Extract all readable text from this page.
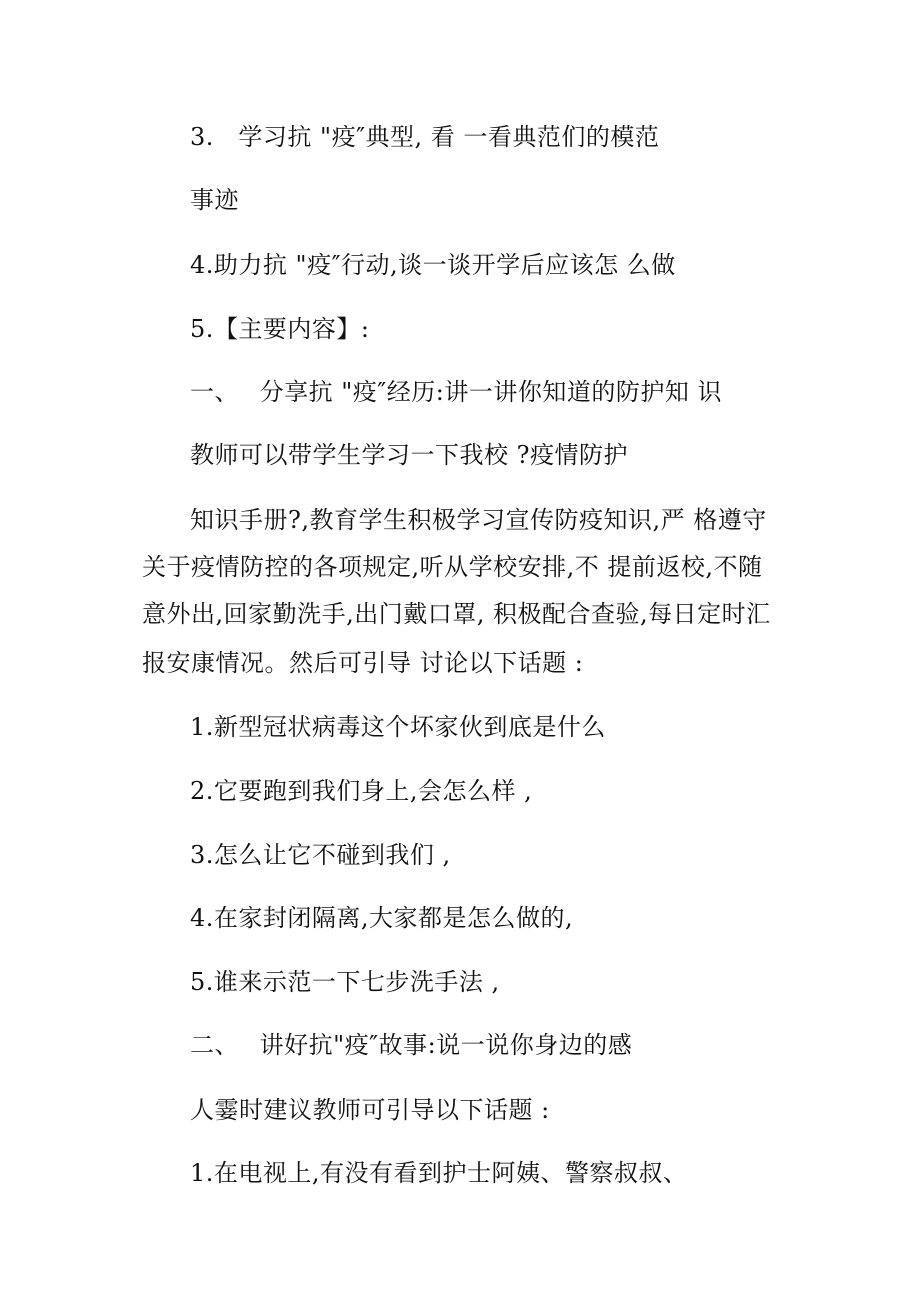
3.　学习抗 "疫″典型, 看 一看典范们的模范
事迹
4.助力抗 "疫″行动,谈一谈开学后应该怎 么做
5.【主要内容】:
一、　 分享抗 "疫″经历:讲一讲你知道的防护知 识
教师可以带学生学习一下我校 ?疫情防护
知识手册?,教育学生积极学习宣传防疫知识,严 格遵守
关于疫情防控的各项规定,听从学校安排,不 提前返校,不随
意外出,回家勤洗手,出门戴口罩, 积极配合查验,每日定时汇
报安康情况。然后可引导 讨论以下话题 :
1.新型冠状病毒这个坏家伙到底是什么
2.它要跑到我们身上,会怎么样 ,
3.怎么让它不碰到我们 ,
4.在家封闭隔离,大家都是怎么做的,
5.谁来示范一下七步洗手法 ,
二、　 讲好抗"疫″故事:说一说你身边的感
人霎时建议教师可引导以下话题 :
1.在电视上,有没有看到护士阿姨、警察叔叔、
